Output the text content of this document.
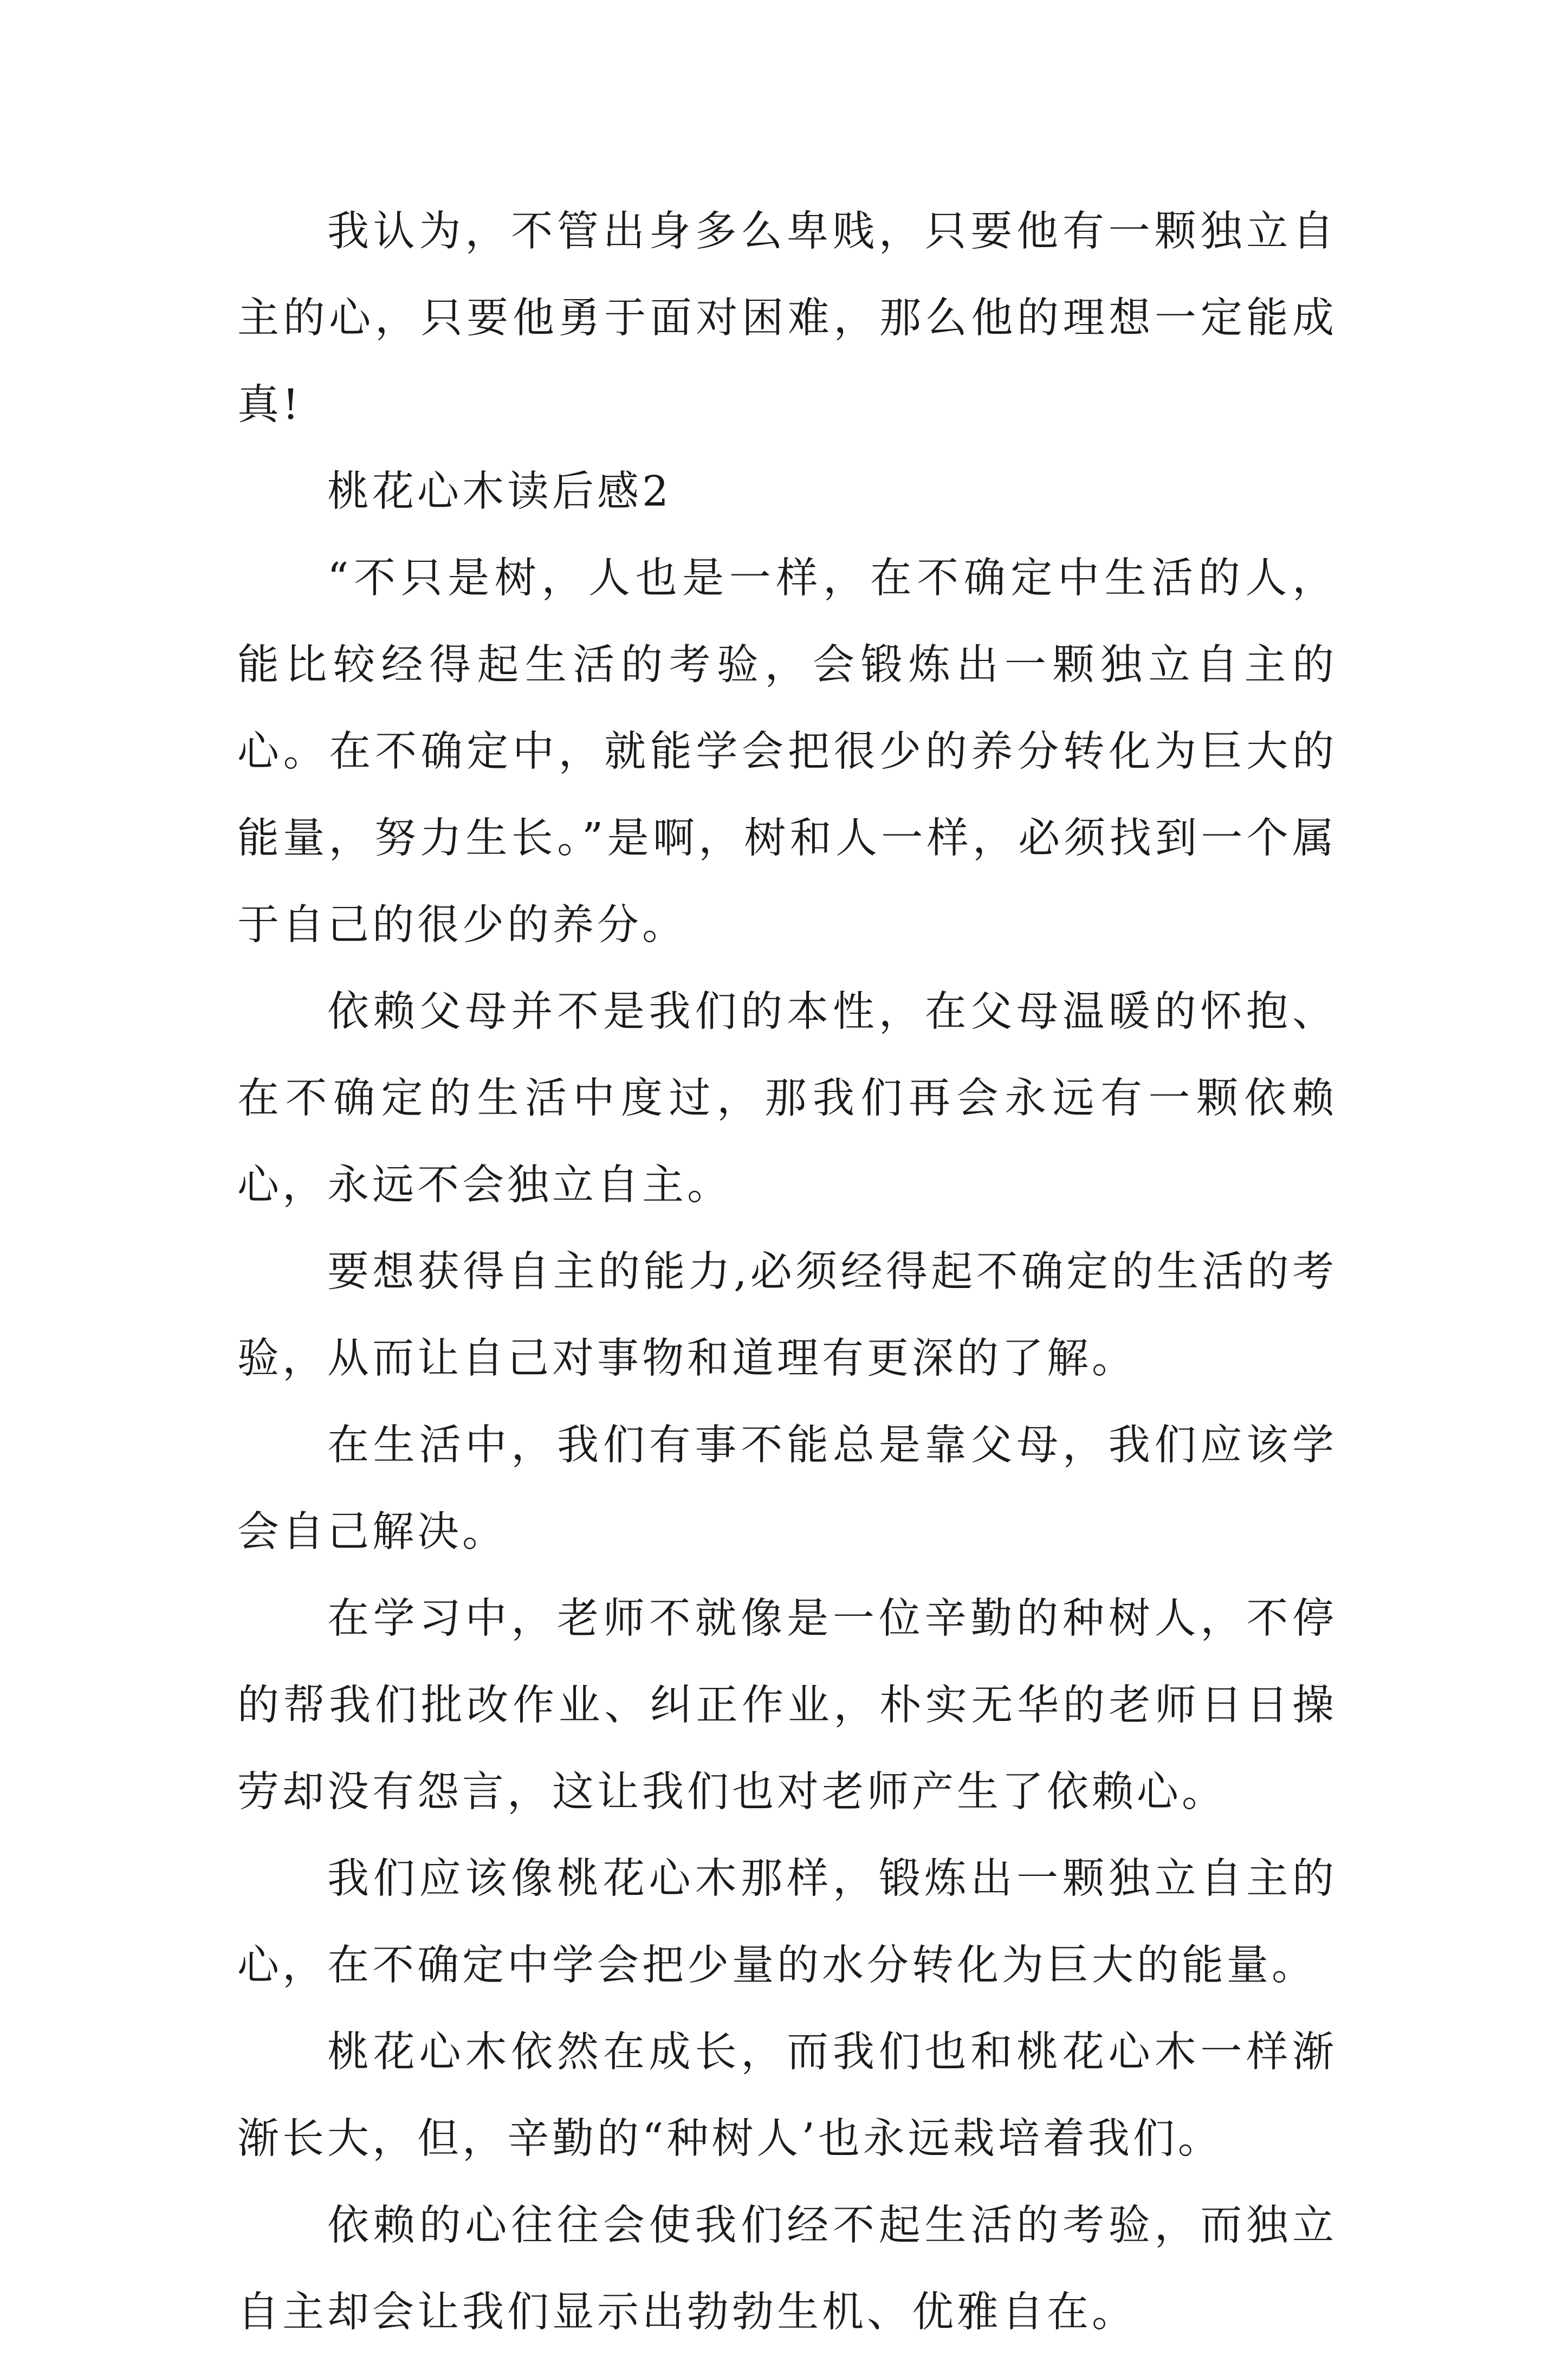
我认为，不管出身多么卑贱，只要他有一颗独立自主的心，只要他勇于面对困难，那么他的理想一定能成真!

桃花心木读后感2

“不只是树，人也是一样，在不确定中生活的人，能比较经得起生活的考验，会锻炼出一颗独立自主的心。在不确定中，就能学会把很少的养分转化为巨大的能量，努力生长。”是啊，树和人一样，必须找到一个属于自己的很少的养分。

依赖父母并不是我们的本性，在父母温暖的怀抱、在不确定的生活中度过，那我们再会永远有一颗依赖心，永远不会独立自主。

要想获得自主的能力,必须经得起不确定的生活的考验，从而让自己对事物和道理有更深的了解。

在生活中，我们有事不能总是靠父母，我们应该学会自己解决。

在学习中，老师不就像是一位辛勤的种树人，不停的帮我们批改作业、纠正作业，朴实无华的老师日日操劳却没有怨言，这让我们也对老师产生了依赖心。

我们应该像桃花心木那样，锻炼出一颗独立自主的心，在不确定中学会把少量的水分转化为巨大的能量。

桃花心木依然在成长，而我们也和桃花心木一样渐渐长大，但，辛勤的“种树人’也永远栽培着我们。

依赖的心往往会使我们经不起生活的考验，而独立自主却会让我们显示出勃勃生机、优雅自在。
